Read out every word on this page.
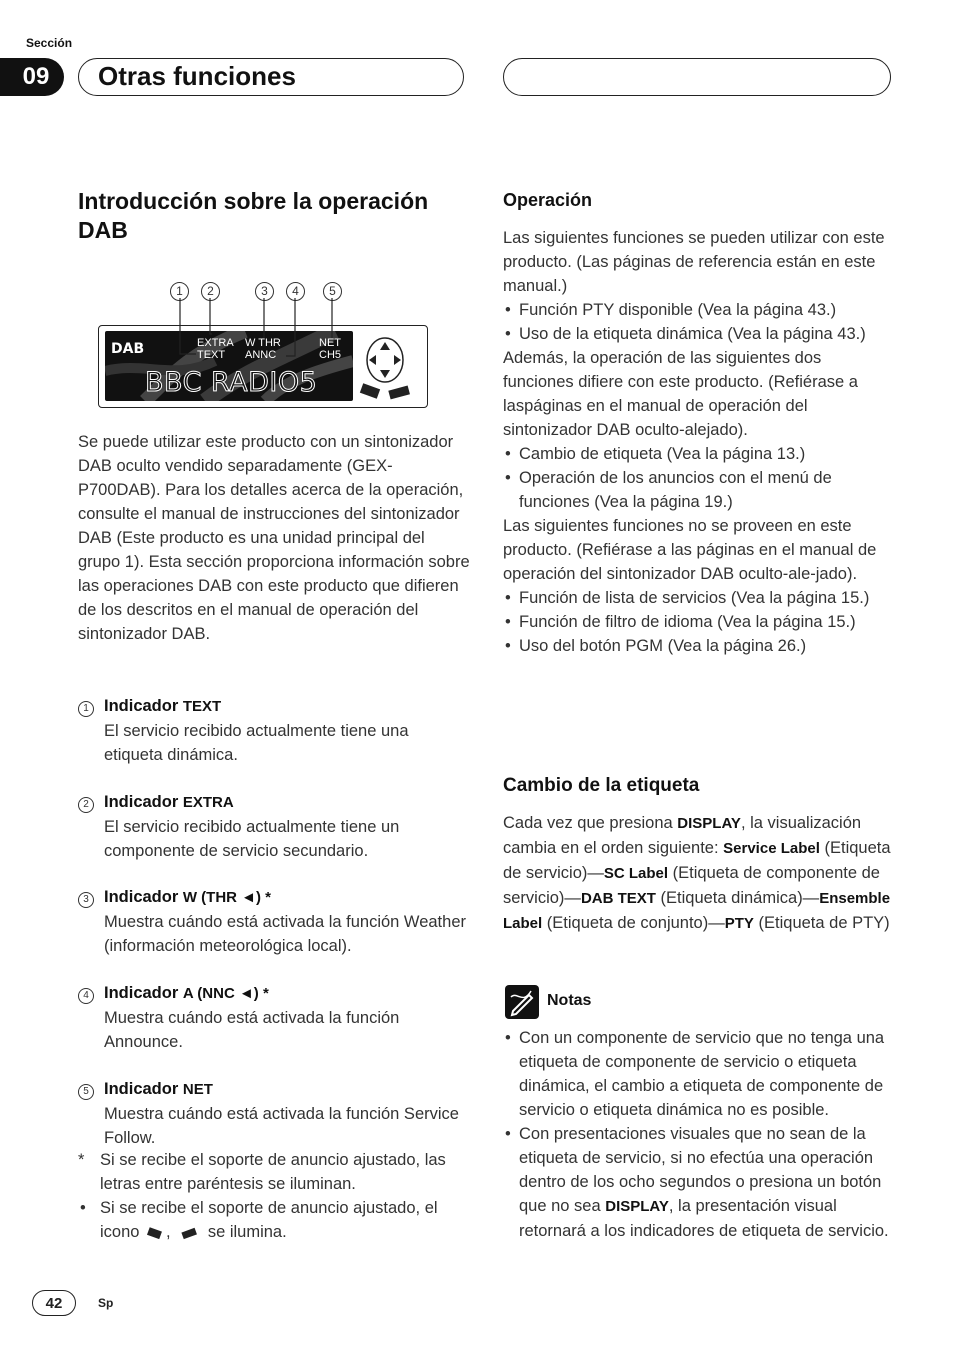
Sección
09	Otras funciones
Introducción sobre la operación DAB
1	2	3	4	5
DAB	EXTRA
TEXT
W THR
ANNC
NET
CH5
BBC RADIO5

Se puede utilizar este producto con un sintonizador DAB oculto vendido separadamente (GEX-P700DAB). Para los detalles acerca de la operación, consulte el manual de instrucciones del sintonizador DAB (Este producto es una unidad principal del grupo 1). Esta sección proporciona información sobre las operaciones DAB con este producto que difieren de los descritos en el manual de operación del sintonizador DAB.

1 Indicador TEXT
El servicio recibido actualmente tiene una etiqueta dinámica.
2 Indicador EXTRA
El servicio recibido actualmente tiene un componente de servicio secundario.
3 Indicador W (THR ◄) *
Muestra cuándo está activada la función Weather (información meteorológica local).
4 Indicador A (NNC ◄) *
Muestra cuándo está activada la función Announce.
5 Indicador NET
Muestra cuándo está activada la función Service Follow.
* Si se recibe el soporte de anuncio ajustado, las letras entre paréntesis se iluminan.
• Si se recibe el soporte de anuncio ajustado, el icono , se ilumina.
Operación
Las siguientes funciones se pueden utilizar con este producto. (Las páginas de referencia están en este manual.)
• Función PTY disponible (Vea la página 43.)
• Uso de la etiqueta dinámica (Vea la página 43.)
Además, la operación de las siguientes dos funciones difiere con este producto. (Refiérase a laspáginas en el manual de operación del sintonizador DAB oculto-alejado).
• Cambio de etiqueta (Vea la página 13.)
• Operación de los anuncios con el menú de funciones (Vea la página 19.)
Las siguientes funciones no se proveen en este producto. (Refiérase a las páginas en el manual de operación del sintonizador DAB oculto-ale-jado).
• Función de lista de servicios (Vea la página 15.)
• Función de filtro de idioma (Vea la página 15.)
• Uso del botón PGM (Vea la página 26.)
Cambio de la etiqueta
Cada vez que presiona DISPLAY, la visualización cambia en el orden siguiente: Service Label (Etiqueta de servicio)—SC Label (Etiqueta de componente de servicio)—DAB TEXT (Etiqueta dinámica)—Ensemble Label (Etiqueta de conjunto)—PTY (Etiqueta de PTY)
Notas
• Con un componente de servicio que no tenga una etiqueta de componente de servicio o etiqueta dinámica, el cambio a etiqueta de componente de servicio o etiqueta dinámica no es posible.
• Con presentaciones visuales que no sean de la etiqueta de servicio, si no efectúa una operación dentro de los ocho segundos o presiona un botón que no sea DISPLAY, la presentación visual retornará a los indicadores de etiqueta de servicio.
42	Sp
